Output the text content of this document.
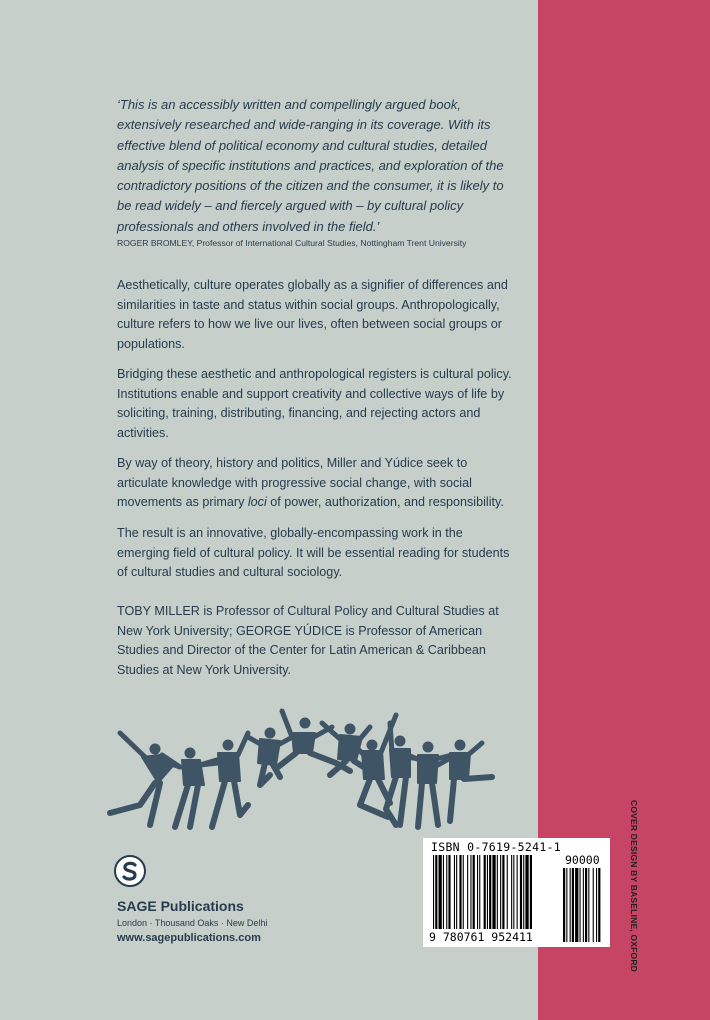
‘This is an accessibly written and compellingly argued book, extensively researched and wide-ranging in its coverage. With its effective blend of political economy and cultural studies, detailed analysis of specific institutions and practices, and exploration of the contradictory positions of the citizen and the consumer, it is likely to be read widely – and fiercely argued with – by cultural policy professionals and others involved in the field.’

ROGER BROMLEY, Professor of International Cultural Studies, Nottingham Trent University

Aesthetically, culture operates globally as a signifier of differences and similarities in taste and status within social groups. Anthropologically, culture refers to how we live our lives, often between social groups or populations.

Bridging these aesthetic and anthropological registers is cultural policy. Institutions enable and support creativity and collective ways of life by soliciting, training, distributing, financing, and rejecting actors and activities.

By way of theory, history and politics, Miller and Yúdice seek to articulate knowledge with progressive social change, with social movements as primary loci of power, authorization, and responsibility.

The result is an innovative, globally-encompassing work in the emerging field of cultural policy. It will be essential reading for students of cultural studies and cultural sociology.

TOBY MILLER is Professor of Cultural Policy and Cultural Studies at New York University; GEORGE YÚDICE is Professor of American Studies and Director of the Center for Latin American & Caribbean Studies at New York University.

SAGE Publications
London · Thousand Oaks · New Delhi
www.sagepublications.com
ISBN 0-7619-5241-1
90000
9 780761 952411	COVER DESIGN BY BASELINE, OXFORD
